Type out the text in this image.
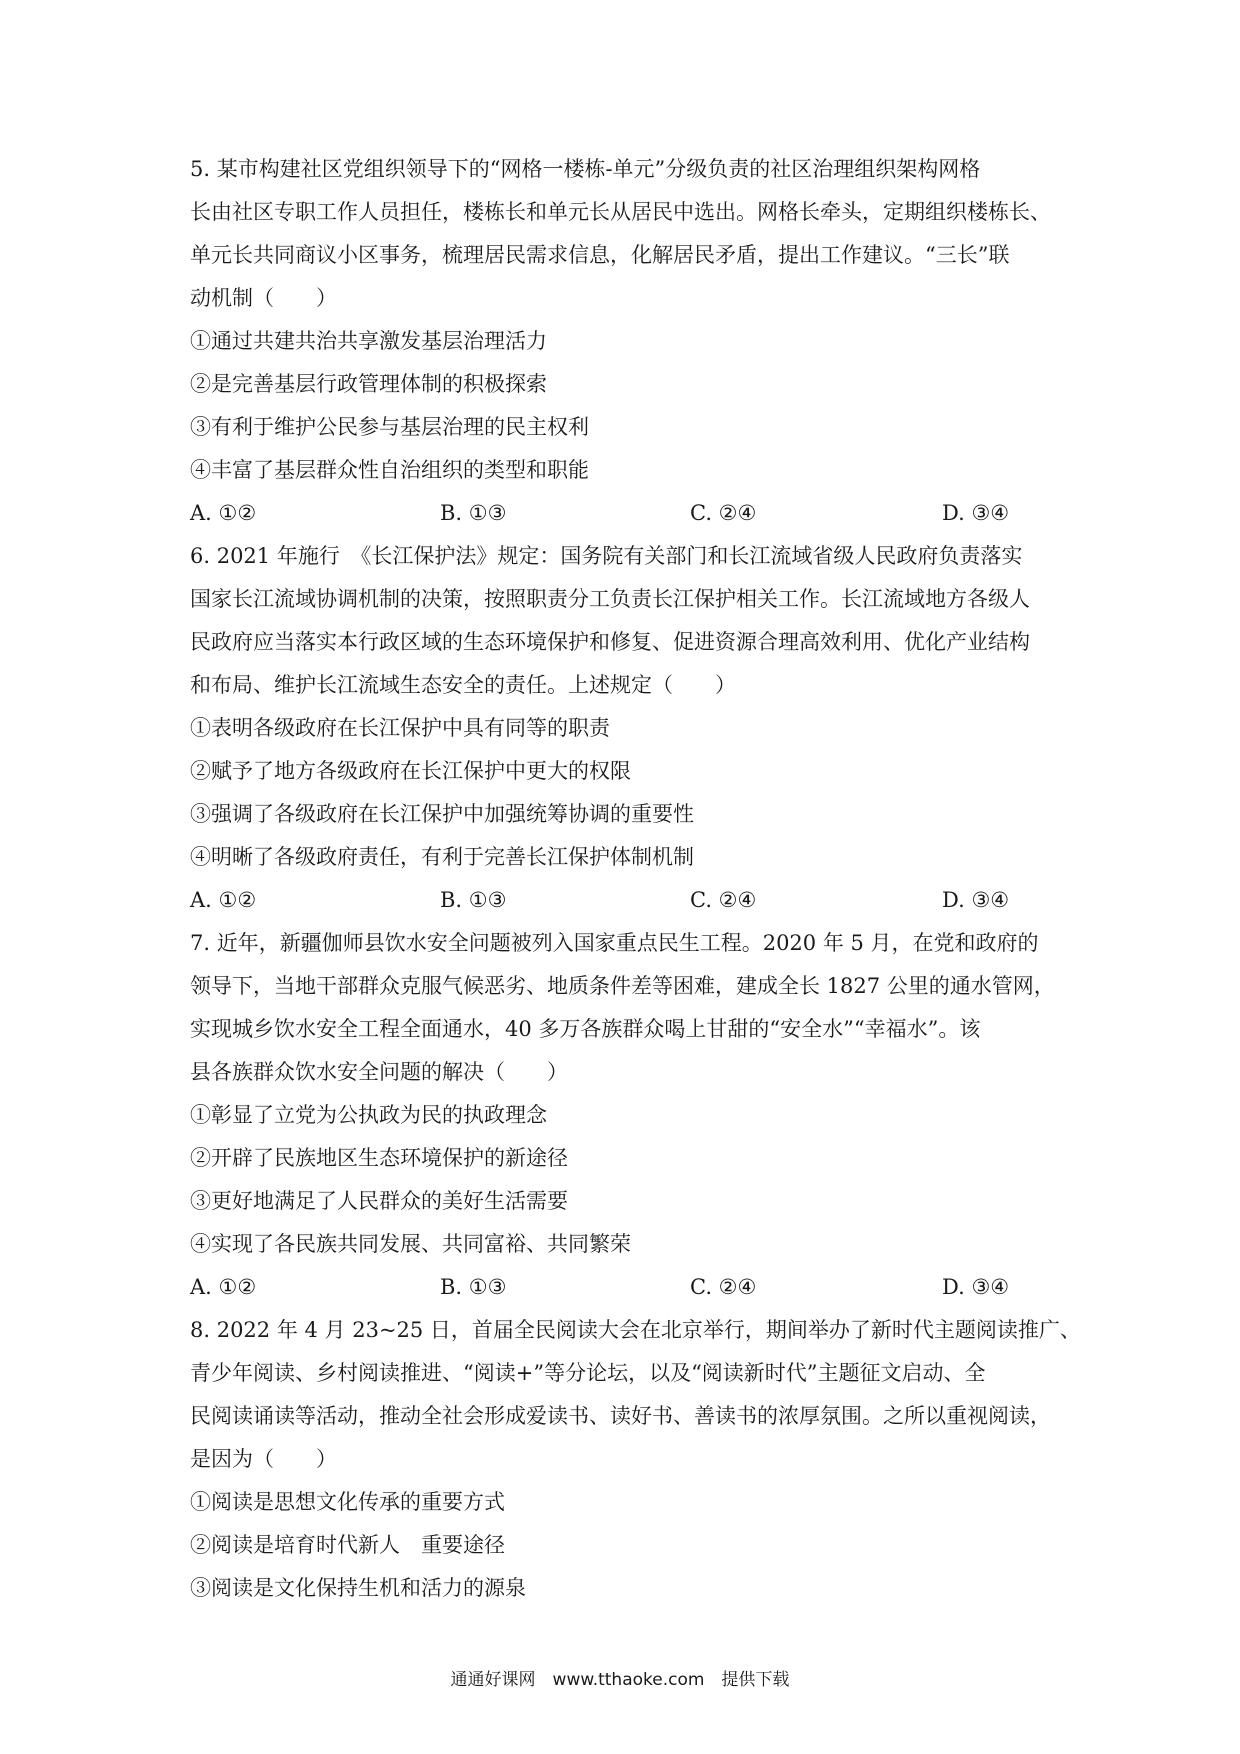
5. 某市构建社区党组织领导下的“网格一楼栋-单元”分级负责的社区治理组织架构网格
长由社区专职工作人员担任，楼栋长和单元长从居民中选出。网格长牵头，定期组织楼栋长、
单元长共同商议小区事务，梳理居民需求信息，化解居民矛盾，提出工作建议。“三长”联
动机制（　　）
①通过共建共治共享激发基层治理活力
②是完善基层行政管理体制的积极探索
③有利于维护公民参与基层治理的民主权利
④丰富了基层群众性自治组织的类型和职能
A. ①②	B. ①③	C. ②④	D. ③④
6. 2021 年施行　《长江保护法》规定：国务院有关部门和长江流域省级人民政府负责落实
国家长江流域协调机制的决策，按照职责分工负责长江保护相关工作。长江流域地方各级人
民政府应当落实本行政区域的生态环境保护和修复、促进资源合理高效利用、优化产业结构
和布局、维护长江流域生态安全的责任。上述规定（　　）
①表明各级政府在长江保护中具有同等的职责
②赋予了地方各级政府在长江保护中更大的权限
③强调了各级政府在长江保护中加强统筹协调的重要性
④明晰了各级政府责任，有利于完善长江保护体制机制
A. ①②	B. ①③	C. ②④	D. ③④
7. 近年，新疆伽师县饮水安全问题被列入国家重点民生工程。2020 年 5 月，在党和政府的
领导下，当地干部群众克服气候恶劣、地质条件差等困难，建成全长 1827 公里的通水管网，
实现城乡饮水安全工程全面通水，40 多万各族群众喝上甘甜的“安全水”“幸福水”。该
县各族群众饮水安全问题的解决（　　）
①彰显了立党为公执政为民的执政理念
②开辟了民族地区生态环境保护的新途径
③更好地满足了人民群众的美好生活需要
④实现了各民族共同发展、共同富裕、共同繁荣
A. ①②	B. ①③	C. ②④	D. ③④
8. 2022 年 4 月 23~25 日，首届全民阅读大会在北京举行，期间举办了新时代主题阅读推广、
青少年阅读、乡村阅读推进、“阅读+”等分论坛，以及“阅读新时代”主题征文启动、全
民阅读诵读等活动，推动全社会形成爱读书、读好书、善读书的浓厚氛围。之所以重视阅读，
是因为（　　）
①阅读是思想文化传承的重要方式
②阅读是培育时代新人　重要途径
③阅读是文化保持生机和活力的源泉
通通好课网　www.tthaoke.com　提供下载
